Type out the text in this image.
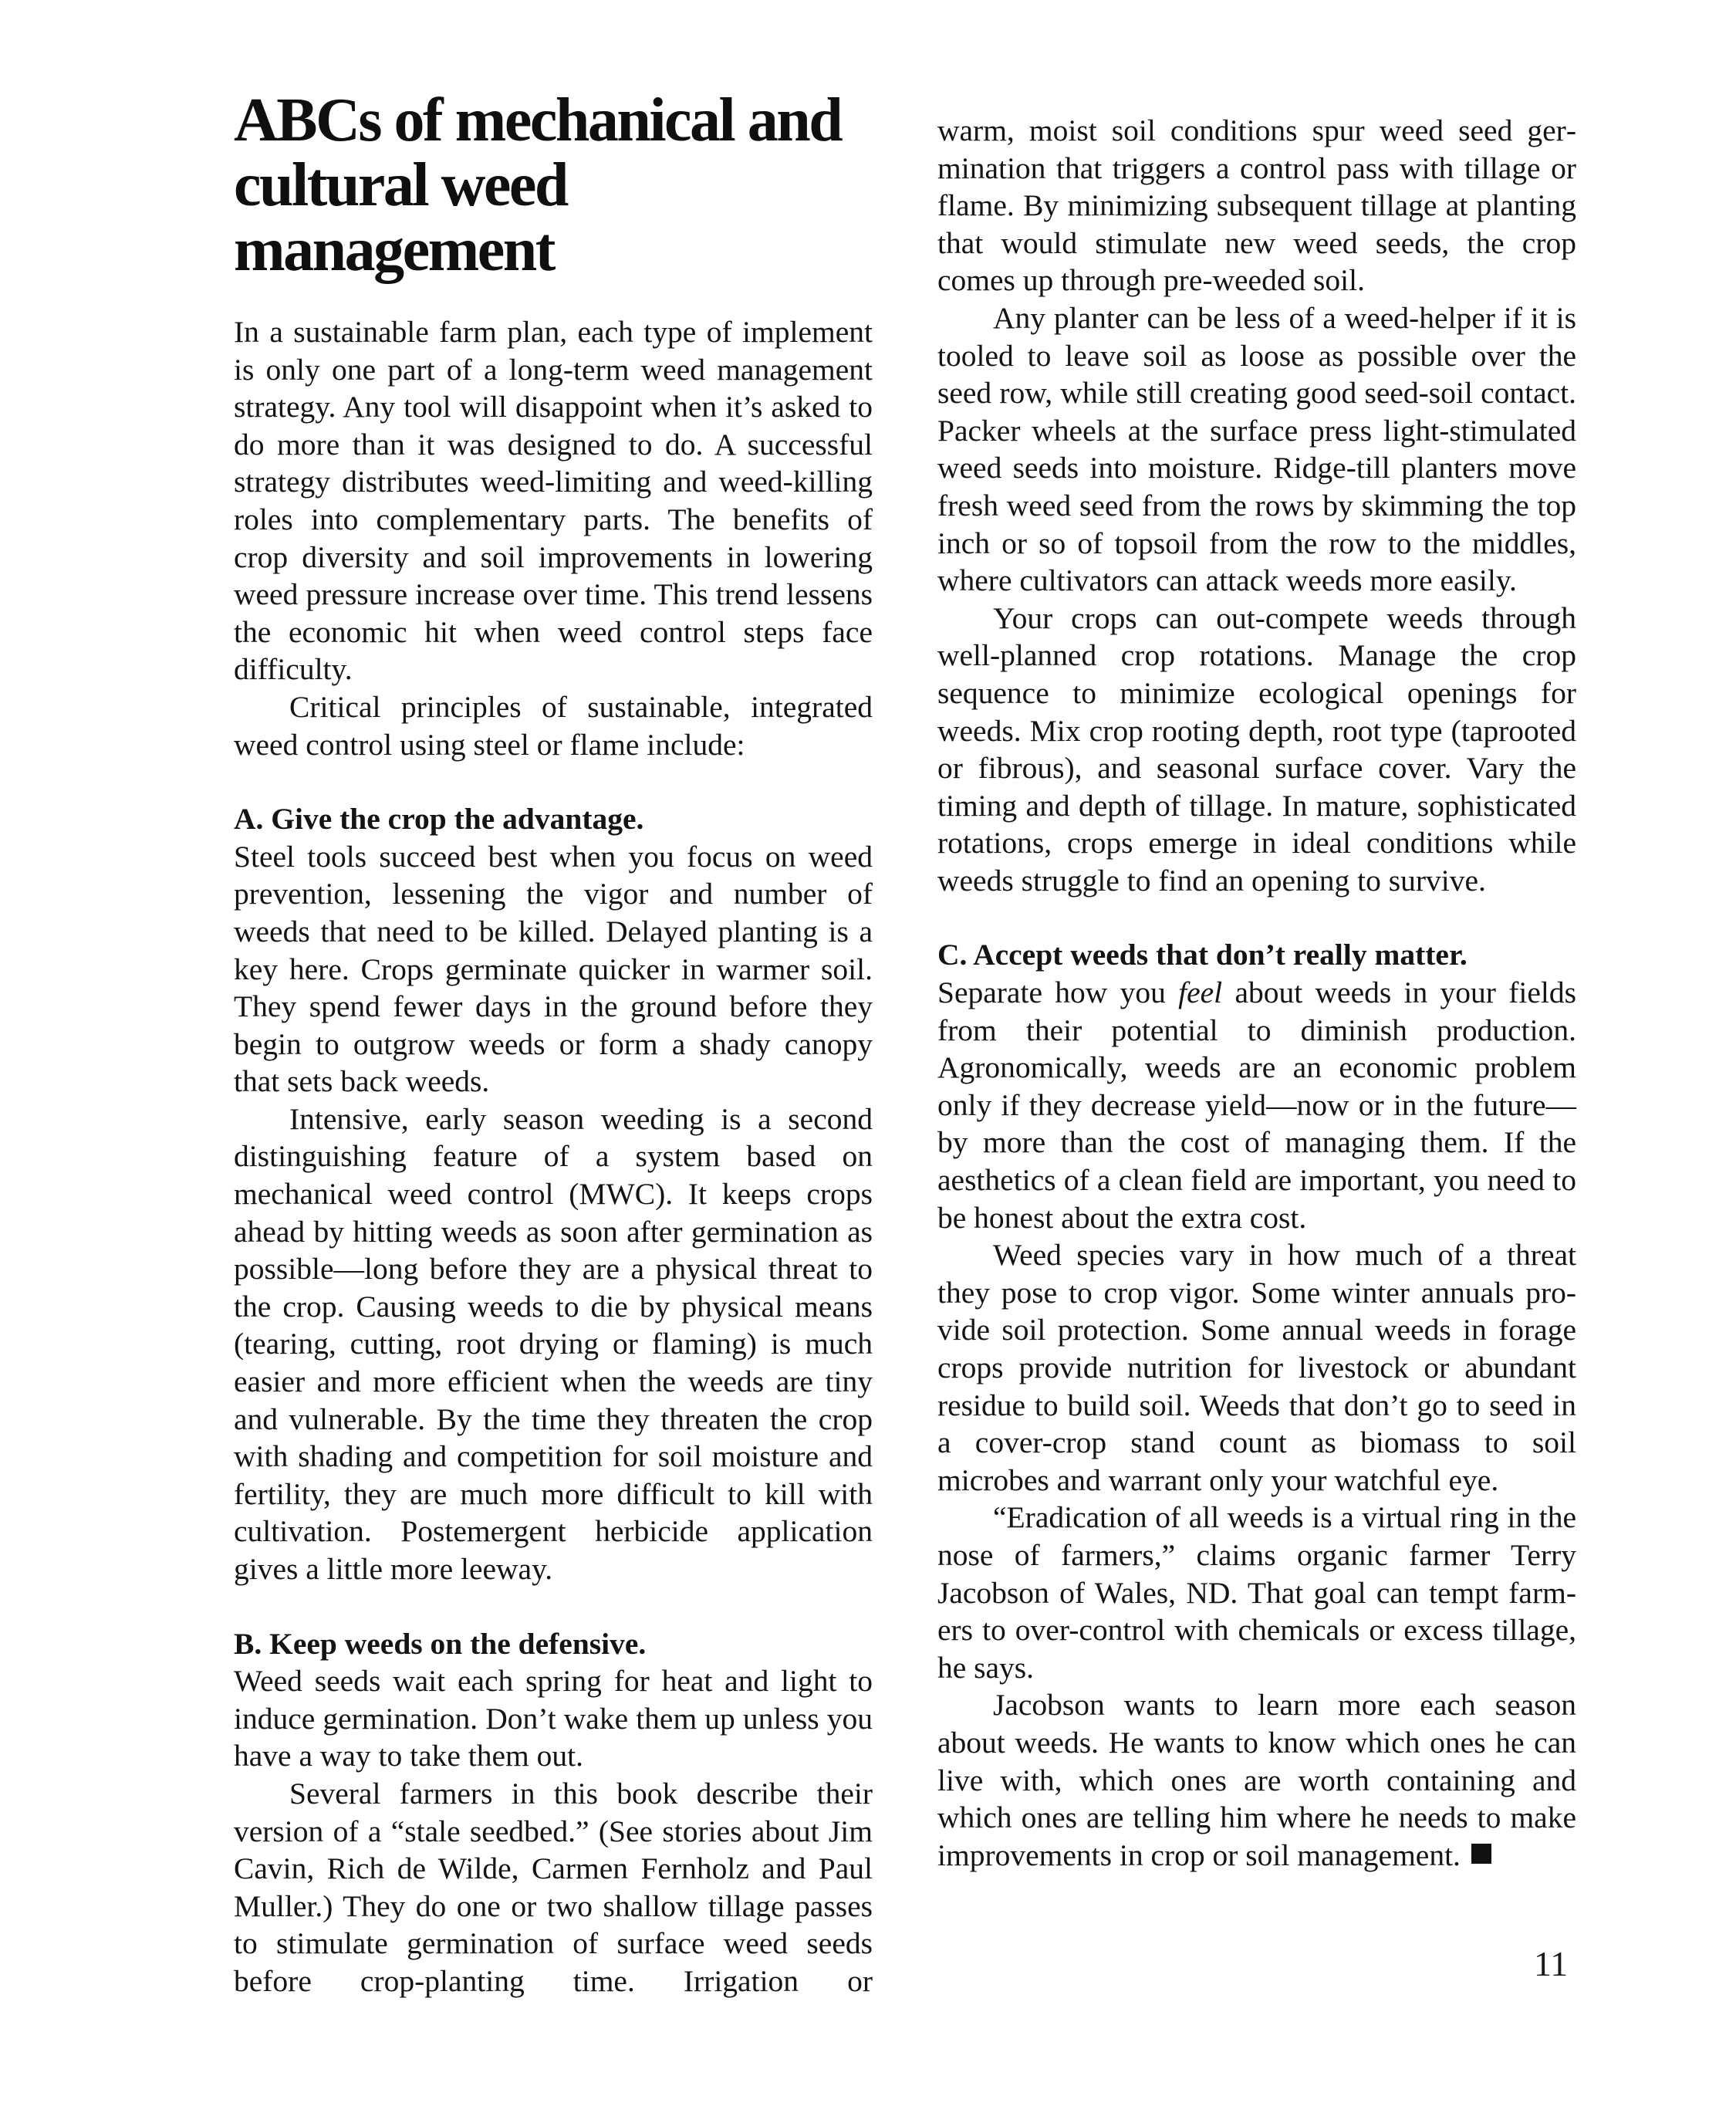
ABCs of mechanical and
cultural weed management

In a sustainable farm plan, each type of implement is only one part of a long-term weed management strategy. Any tool will disappoint when it’s asked to do more than it was designed to do. A successful strategy distributes weed-limiting and weed-killing roles into complementary parts. The benefits of crop diversity and soil improvements in lowering weed pressure increase over time. This trend lessens the economic hit when weed control steps face difficulty.

Critical principles of sustainable, integrated weed control using steel or flame include:

A. Give the crop the advantage.

Steel tools succeed best when you focus on weed prevention, lessening the vigor and number of weeds that need to be killed. Delayed planting is a key here. Crops germinate quicker in warmer soil. They spend fewer days in the ground before they begin to outgrow weeds or form a shady canopy that sets back weeds.

Intensive, early season weeding is a second distinguishing feature of a system based on mechanical weed control (MWC). It keeps crops ahead by hitting weeds as soon after germination as possible—long before they are a physical threat to the crop. Causing weeds to die by physical means (tearing, cutting, root drying or flaming) is much easier and more efficient when the weeds are tiny and vulnerable. By the time they threaten the crop with shading and competition for soil moisture and fertility, they are much more difficult to kill with cultivation. Postemergent herbicide application gives a little more leeway.

B. Keep weeds on the defensive.

Weed seeds wait each spring for heat and light to induce germination. Don’t wake them up unless you have a way to take them out.

Several farmers in this book describe their version of a “stale seedbed.” (See stories about Jim Cavin, Rich de Wilde, Carmen Fernholz and Paul Muller.) They do one or two shallow tillage passes to stimulate germination of surface weed seeds before crop-planting time. Irrigation or

warm, moist soil conditions spur weed seed germination that triggers a control pass with tillage or flame. By minimizing subsequent tillage at planting that would stimulate new weed seeds, the crop comes up through pre-weeded soil.

Any planter can be less of a weed-helper if it is tooled to leave soil as loose as possible over the seed row, while still creating good seed-soil contact. Packer wheels at the surface press light-stimulated weed seeds into moisture. Ridge-till planters move fresh weed seed from the rows by skimming the top inch or so of topsoil from the row to the middles, where cultivators can attack weeds more easily.

Your crops can out-compete weeds through well-planned crop rotations. Manage the crop sequence to minimize ecological openings for weeds. Mix crop rooting depth, root type (taprooted or fibrous), and seasonal surface cover. Vary the timing and depth of tillage. In mature, sophisticated rotations, crops emerge in ideal conditions while weeds struggle to find an opening to survive.

C. Accept weeds that don’t really matter.

Separate how you feel about weeds in your fields from their potential to diminish production. Agronomically, weeds are an economic problem only if they decrease yield—now or in the future—by more than the cost of managing them. If the aesthetics of a clean field are important, you need to be honest about the extra cost.

Weed species vary in how much of a threat they pose to crop vigor. Some winter annuals provide soil protection. Some annual weeds in forage crops provide nutrition for livestock or abundant residue to build soil. Weeds that don’t go to seed in a cover-crop stand count as biomass to soil microbes and warrant only your watchful eye.

“Eradication of all weeds is a virtual ring in the nose of farmers,” claims organic farmer Terry Jacobson of Wales, ND. That goal can tempt farmers to over-control with chemicals or excess tillage, he says.

Jacobson wants to learn more each season about weeds. He wants to know which ones he can live with, which ones are worth containing and which ones are telling him where he needs to make improvements in crop or soil management.

11
